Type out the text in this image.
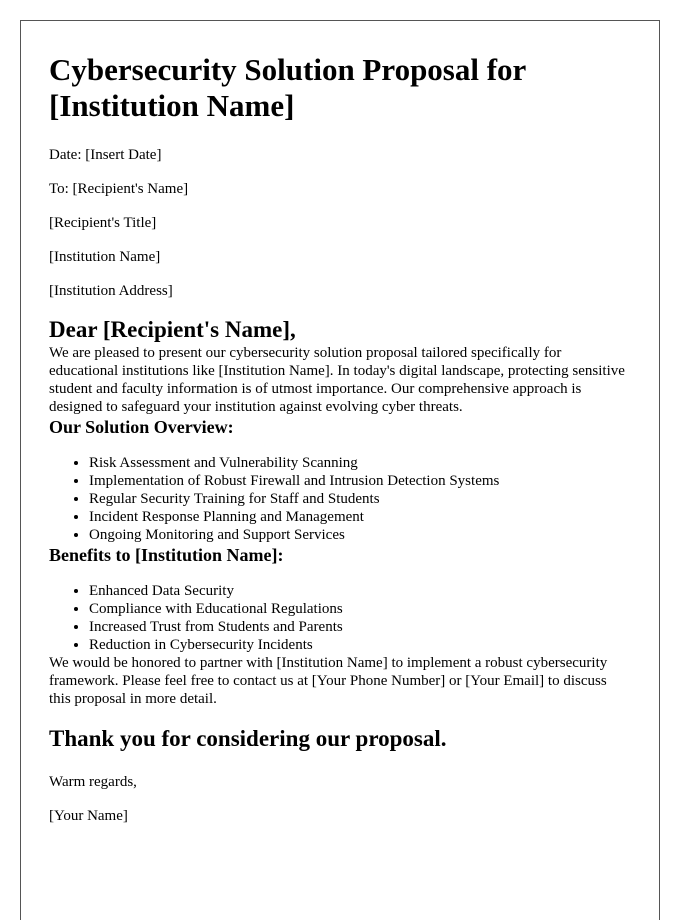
Cybersecurity Solution Proposal for [Institution Name]

Date: [Insert Date]

To: [Recipient's Name]

[Recipient's Title]

[Institution Name]

[Institution Address]

Dear [Recipient's Name],

We are pleased to present our cybersecurity solution proposal tailored specifically for educational institutions like [Institution Name]. In today's digital landscape, protecting sensitive student and faculty information is of utmost importance. Our comprehensive approach is designed to safeguard your institution against evolving cyber threats.

Our Solution Overview:
• Risk Assessment and Vulnerability Scanning
• Implementation of Robust Firewall and Intrusion Detection Systems
• Regular Security Training for Staff and Students
• Incident Response Planning and Management
• Ongoing Monitoring and Support Services
Benefits to [Institution Name]:
• Enhanced Data Security
• Compliance with Educational Regulations
• Increased Trust from Students and Parents
• Reduction in Cybersecurity Incidents

We would be honored to partner with [Institution Name] to implement a robust cybersecurity framework. Please feel free to contact us at [Your Phone Number] or [Your Email] to discuss this proposal in more detail.

Thank you for considering our proposal.

Warm regards,

[Your Name]
